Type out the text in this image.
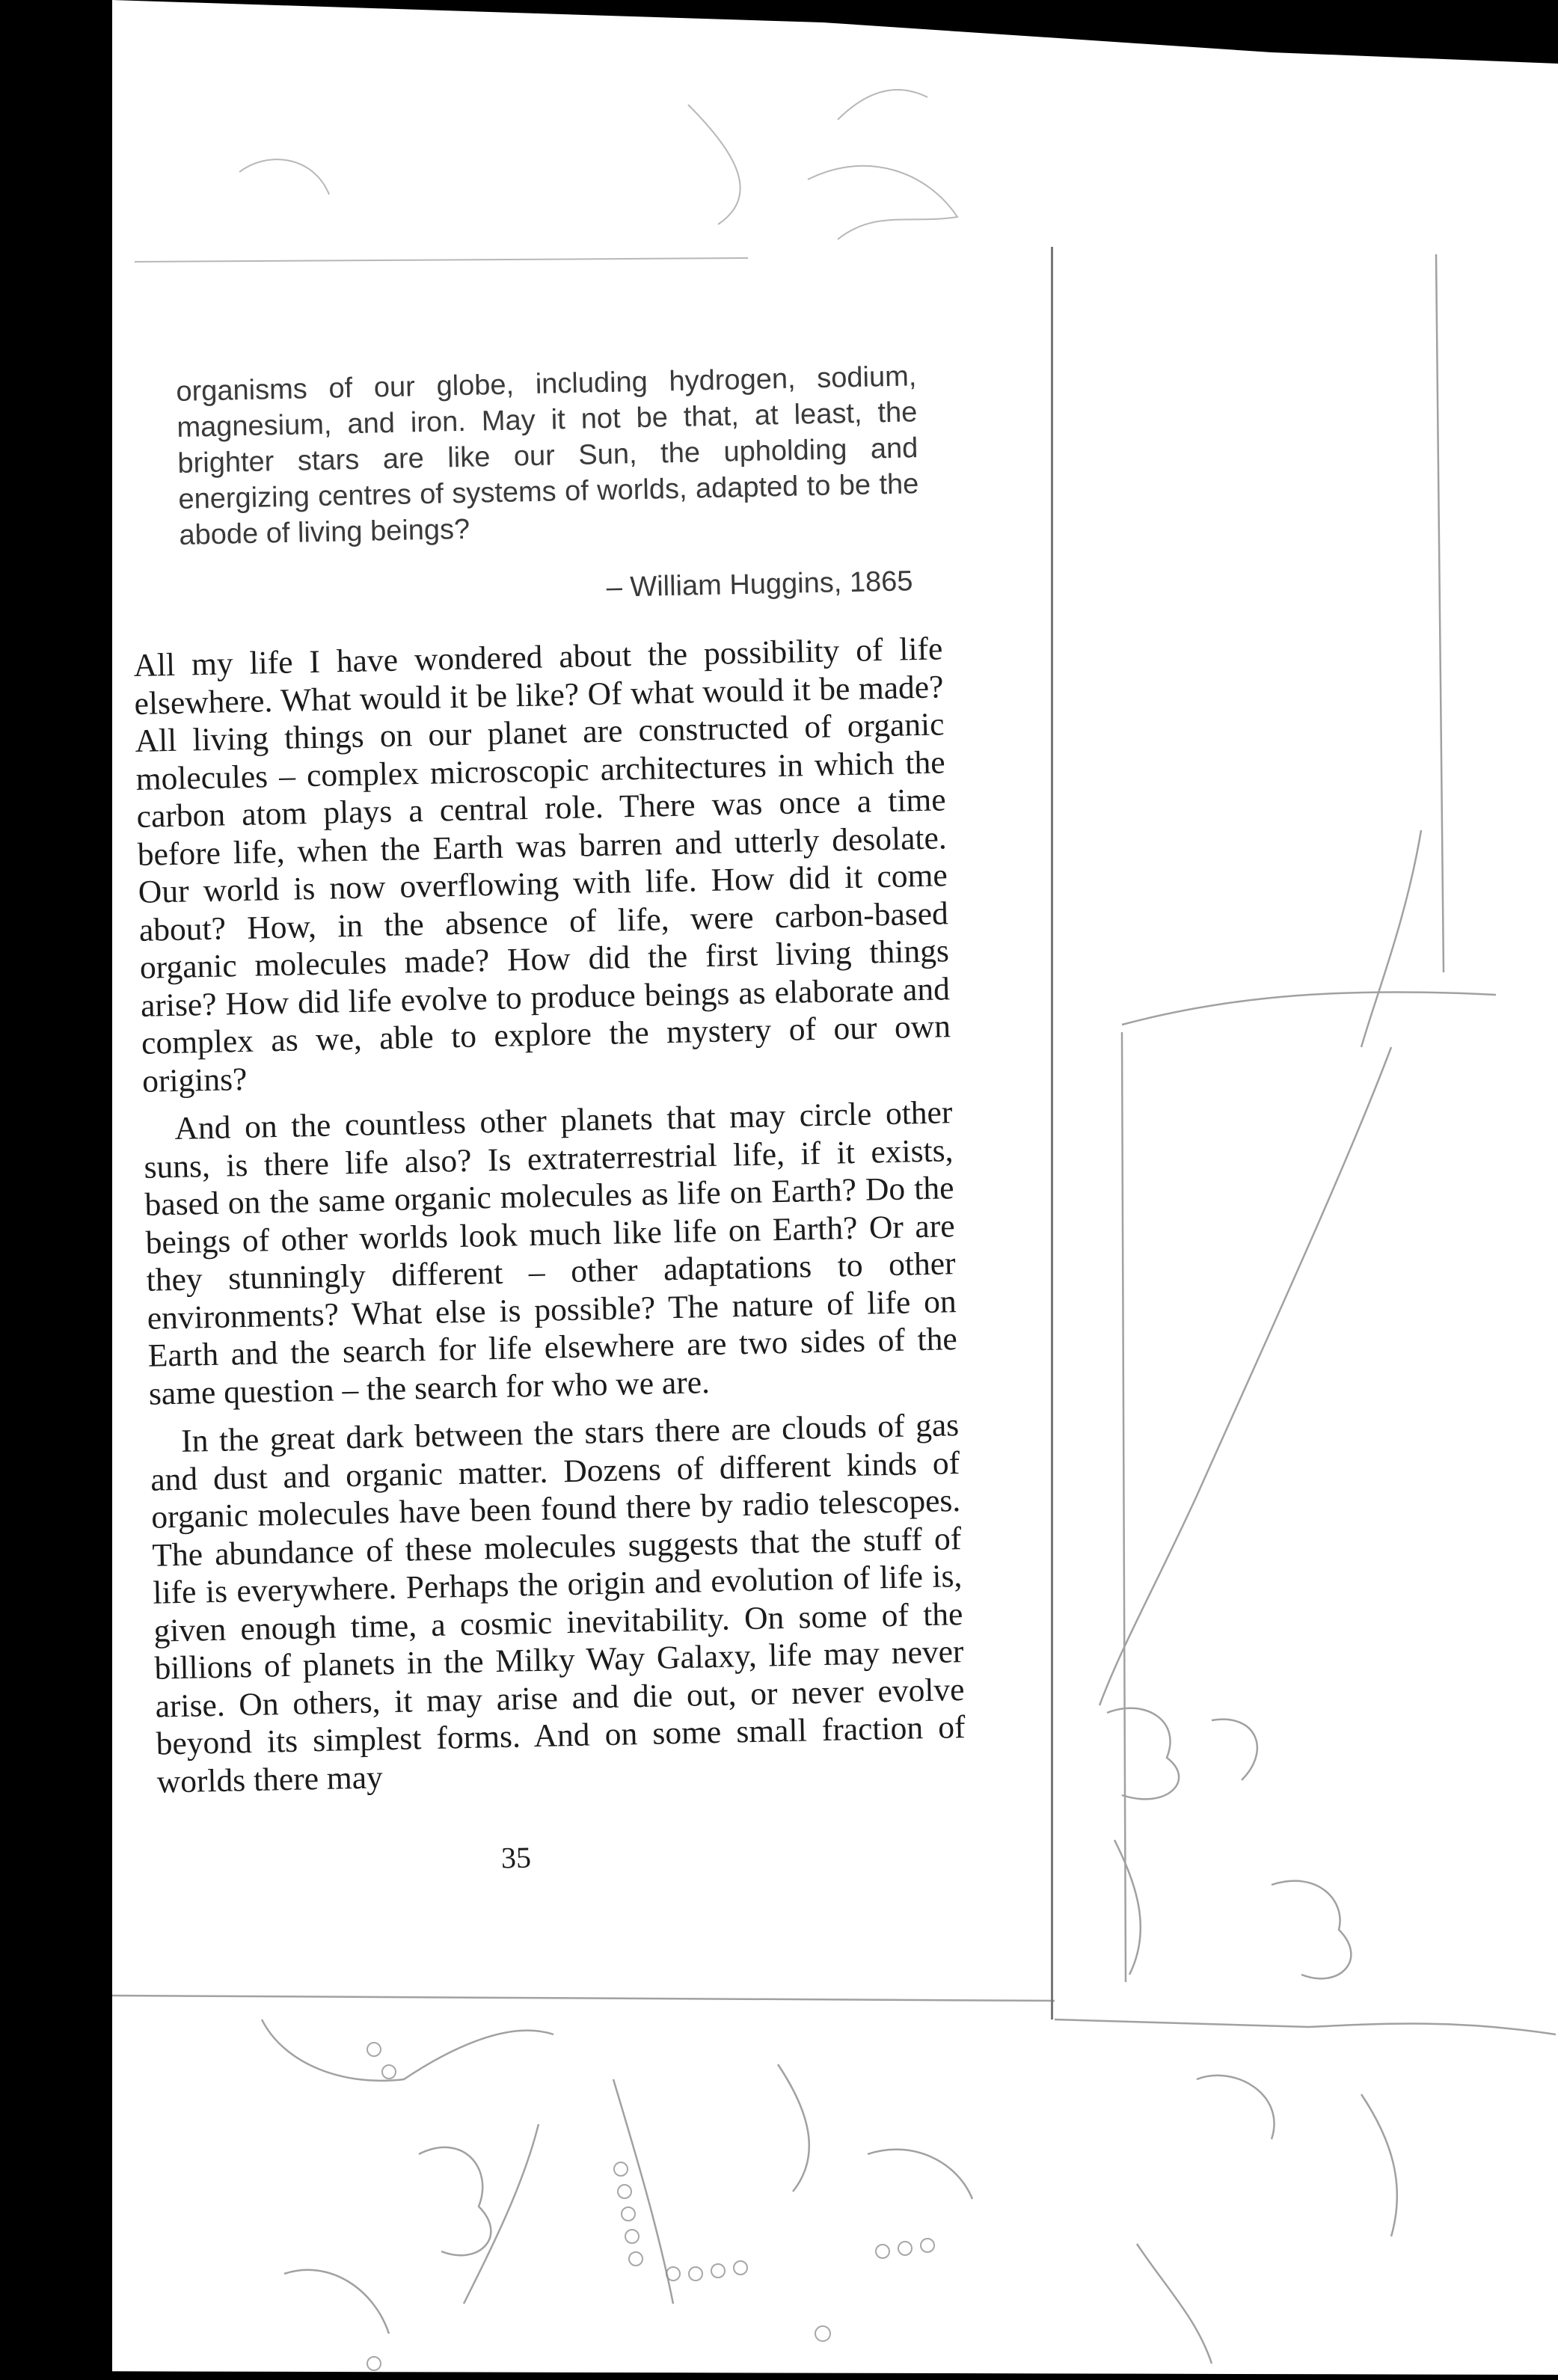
organisms of our globe, including hydrogen, sodium, magnesium, and iron. May it not be that, at least, the brighter stars are like our Sun, the upholding and energizing centres of systems of worlds, adapted to be the abode of living beings?
– William Huggins, 1865

All my life I have wondered about the possibility of life elsewhere. What would it be like? Of what would it be made? All living things on our planet are constructed of organic molecules – complex microscopic architectures in which the carbon atom plays a central role. There was once a time before life, when the Earth was barren and utterly desolate. Our world is now overflowing with life. How did it come about? How, in the absence of life, were carbon-based organic molecules made? How did the first living things arise? How did life evolve to produce beings as elaborate and complex as we, able to explore the mystery of our own origins?

And on the countless other planets that may circle other suns, is there life also? Is extraterrestrial life, if it exists, based on the same organic molecules as life on Earth? Do the beings of other worlds look much like life on Earth? Or are they stunningly different – other adaptations to other environments? What else is possible? The nature of life on Earth and the search for life elsewhere are two sides of the same question – the search for who we are.

In the great dark between the stars there are clouds of gas and dust and organic matter. Dozens of different kinds of organic molecules have been found there by radio telescopes. The abundance of these molecules suggests that the stuff of life is everywhere. Perhaps the origin and evolution of life is, given enough time, a cosmic inevitability. On some of the billions of planets in the Milky Way Galaxy, life may never arise. On others, it may arise and die out, or never evolve beyond its simplest forms. And on some small fraction of worlds there may

35
